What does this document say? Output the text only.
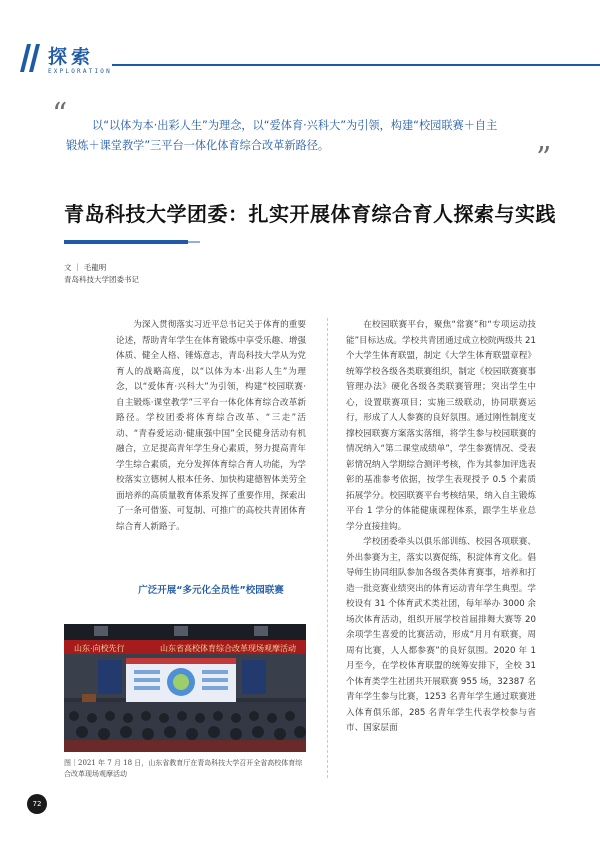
探索
EXPLORATION
“	以“以体为本·出彩人生”为理念，以“爱体育·兴科大”为引领，构建“校园联赛＋自主

锻炼＋课堂教学”三平台一体化体育综合改革新路径。	”
青岛科技大学团委：扎实开展体育综合育人探索与实践
文 ｜ 毛龍明
青岛科技大学团委书记

为深入贯彻落实习近平总书记关于体育的重要论述，帮助青年学生在体育锻炼中享受乐趣、增强体质、健全人格、锤炼意志，青岛科技大学从为党育人的战略高度，以“以体为本·出彩人生”为理念，以“爱体育·兴科大”为引领，构建“校园联赛·自主锻炼·课堂教学”三平台一体化体育综合改革新路径。学校团委将体育综合改革、“三走”活动、“青春爱运动·健康强中国”全民健身活动有机融合，立足提高青年学生身心素质，努力提高青年学生综合素质，充分发挥体育综合育人功能，为学校落实立德树人根本任务、加快构建德智体美劳全面培养的高质量教育体系发挥了重要作用，探索出了一条可借鉴、可复制、可推广的高校共青团体育综合育人新路子。

广泛开展“多元化全员性”校园联赛
山东·向校先行	山东省高校体育综合改革现场观摩活动
图｜2021 年 7 月 18 日，山东省教育厅在青岛科技大学召开全省高校体育综
合改革现场观摩活动

在校园联赛平台，聚焦“常赛”和“专项运动技能”目标达成。学校共青团通过成立校院两级共 21 个大学生体育联盟，制定《大学生体育联盟章程》统筹学校各级各类联赛组织，制定《校园联赛赛事管理办法》硬化各级各类联赛管理；突出学生中心，设置联赛项目；实施三级联动，协同联赛运行，形成了人人参赛的良好氛围。通过刚性制度支撑校园联赛方案落实落细，将学生参与校园联赛的情况纳入“第二课堂成绩单”，学生参赛情况、受表彰情况纳入学期综合测评考核，作为其参加评选表彰的基准参考依据，按学生表现授予 0.5 个素质拓展学分。校园联赛平台考核结果，纳入自主锻炼平台 1 学分的体能健康课程体系，跟学生毕业总学分直接挂钩。

学校团委牵头以俱乐部训练、校园各项联赛、外出参赛为主，落实以赛促练，积淀体育文化。倡导师生协同组队参加各级各类体育赛事，培养和打造一批竞赛业绩突出的体育运动青年学生典型。学校设有 31 个体育武术类社团，每年举办 3000 余场次体育活动，组织开展学校首届排舞大赛等 20 余项学生喜爱的比赛活动，形成“月月有联赛，周周有比赛，人人都参赛”的良好氛围。2020 年 1 月至今，在学校体育联盟的统筹安排下，全校 31 个体育类学生社团共开展联赛 955 场，32387 名青年学生参与比赛，1253 名青年学生通过联赛进入体育俱乐部，285 名青年学生代表学校参与省市、国家层面

72
